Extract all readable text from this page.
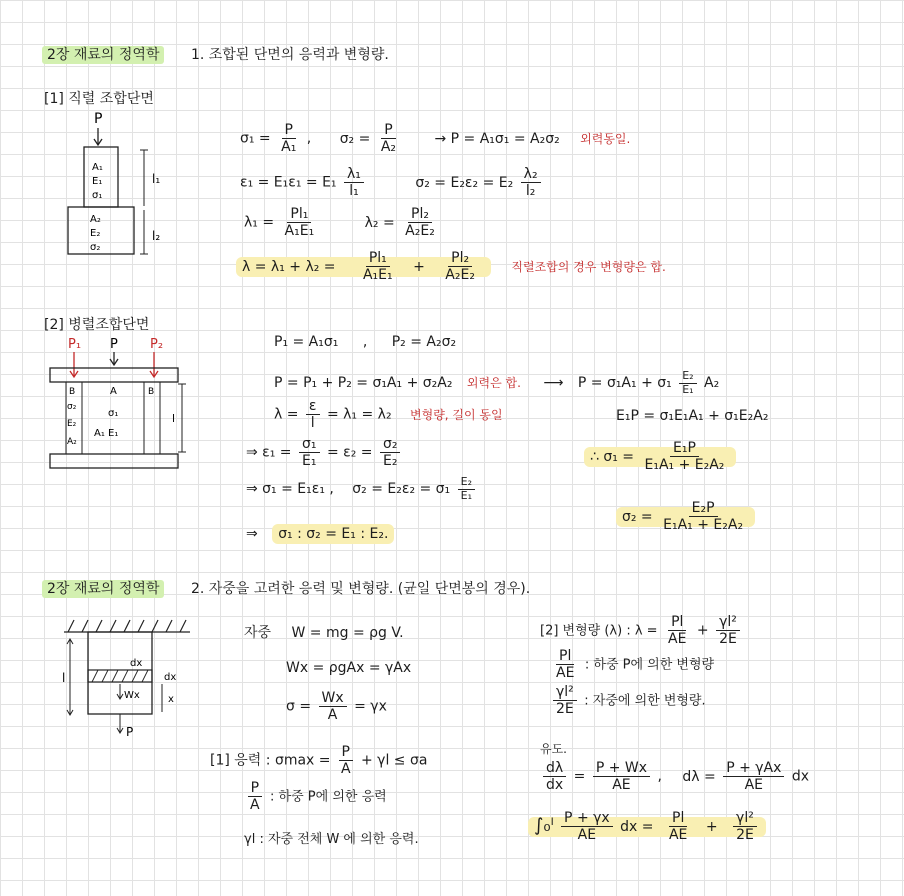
2장 재료의 정역학 1. 조합된 단면의 응력과 변형량.
[1] 직렬 조합단면
P
A₁
E₁
σ₁
A₂
E₂
σ₂
l₁
l₂
$\sigma_1 = \frac{P}{\text{A₁}}$ , $\sigma_2 = \frac{P}{\text{A₂}}$	→ P = A₁σ₁ = A₂σ₂ 외력동일.
$\varepsilon_1 = E_1\varepsilon_1 = E_1 \frac{\text{λ₁}}{\text{l₁}}$	$\sigma_2 = E_2\varepsilon_2 = E_2 \frac{\text{λ₂}}{\text{l₂}}$
$\lambda_1 = \frac{\text{Pl₁}}{\text{A₁E₁}}$	$\lambda_2 = \frac{\text{Pl₂}}{\text{A₂E₂}}$
$\lambda = \lambda_1 + \lambda_2 = \frac{\text{Pl₁}}{\text{A₁E₁}} + \frac{\text{Pl₂}}{\text{A₂E₂}}$	직렬조합의 경우 변형량은 합.
[2] 병렬조합단면
P₁ P P₂
B
σ₂
E₂
A₂
A
σ₁
A₁ E₁
B
l
P₁ = A₁σ₁ , P₂ = A₂σ₂
P = P₁ + P₂ = σ₁A₁ + σ₂A₂ 외력은 합. ⟶ $P = \sigma_1A_1 + \sigma_1 \frac{\text{E₂}}{\text{E₁}} A_2$
$\lambda = \frac{\varepsilon}{l} = \lambda_1 = \lambda_2$ 변형량, 길이 동일	E₁P = σ₁E₁A₁ + σ₁E₂A₂
⇒ $\varepsilon_1 = \frac{\text{σ₁}}{\text{E₁}} = \varepsilon_2 = \frac{\text{σ₂}}{\text{E₂}}$	∴ $\sigma_1 = \frac{\text{E₁P}}{\text{E₁A₁ + E₂A₂}}$
⇒ σ₁ = E₁ε₁ , $\sigma_2 = E_2\varepsilon_2 = \sigma_1 \frac{\text{E₂}}{\text{E₁}}$
$\sigma_2 = \frac{\text{E₂P}}{\text{E₁A₁ + E₂A₂}}$
⇒ σ₁ : σ₂ = E₁ : E₂.
2장 재료의 정역학 2. 자중을 고려한 응력 및 변형량. (균일 단면봉의 경우).
dx
dx
Wx	x
l
P
자중 W = mg = ρg V.
Wx = ρgAx = γAx
$\sigma = \frac{Wx}{A} = \gamma x$
[1] 응력 : $\sigma\max = \frac{P}{A} + \gamma l \le \sigma a$
$\frac{P}{A}$ : 하중 P에 의한 응력
γl : 자중 전체 W 에 의한 응력.
[2] 변형량 (λ) : $\lambda = \frac{Pl}{AE} + \frac{\text{γl²}}{2E}$
$\frac{Pl}{AE}$ : 하중 P에 의한 변형량
$\frac{\text{γl²}}{2E}$ : 자중에 의한 변형량.
유도.
$\frac{d\lambda}{dx} = \frac{P + Wx}{AE}$ , $d\lambda = \frac{\text{P + γAx}}{AE}$ dx
∫₀ˡ $\frac{P + \gamma x}{AE}$ dx = $\frac{Pl}{AE} + \frac{\text{γl²}}{2E}$
